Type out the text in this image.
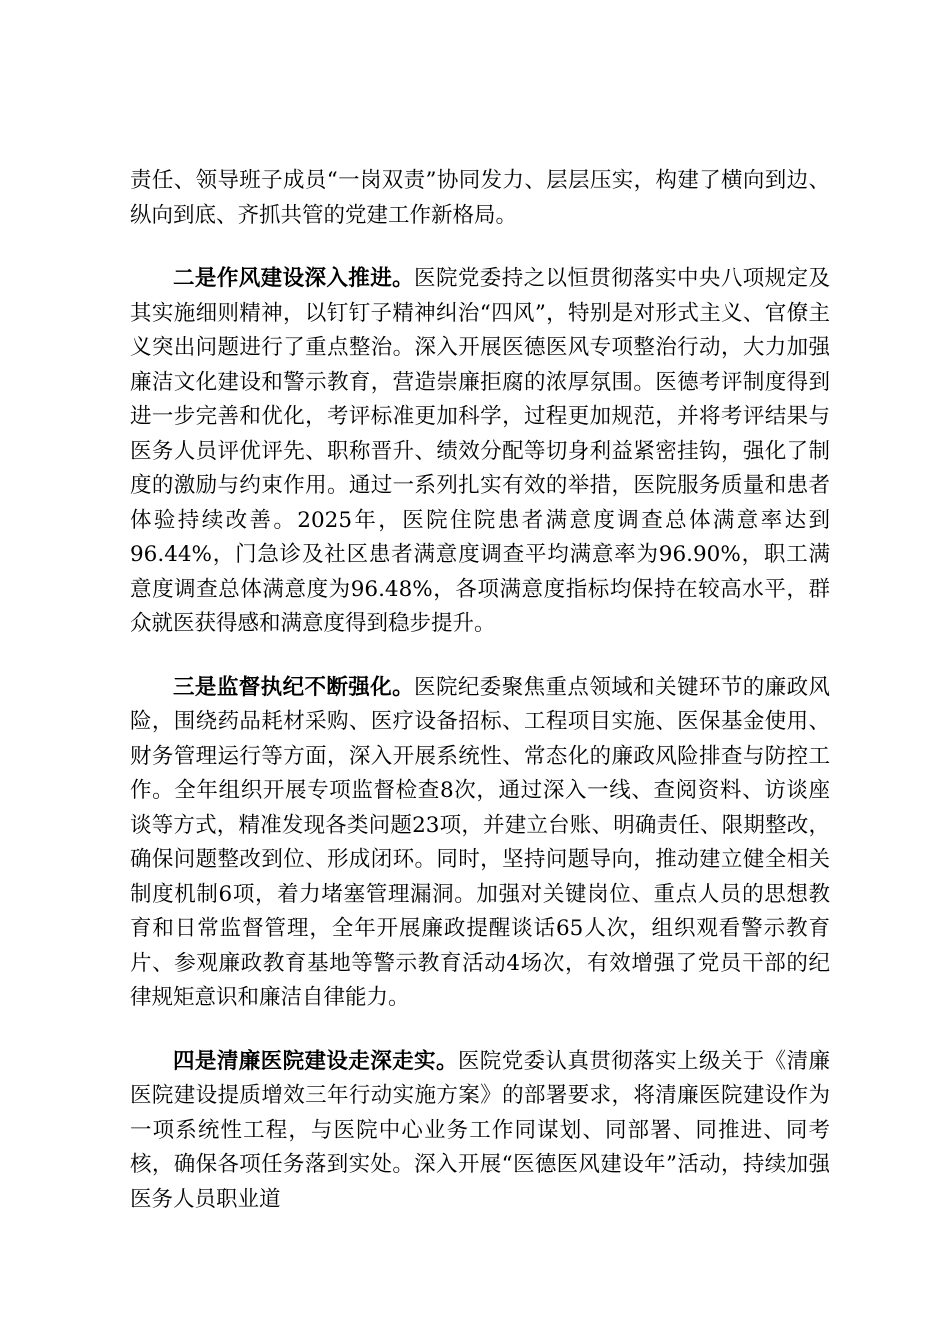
责任、领导班子成员“一岗双责”协同发力、层层压实，构建了横向到边、纵向到底、齐抓共管的党建工作新格局。

二是作风建设深入推进。医院党委持之以恒贯彻落实中央八项规定及其实施细则精神，以钉钉子精神纠治“四风”，特别是对形式主义、官僚主义突出问题进行了重点整治。深入开展医德医风专项整治行动，大力加强廉洁文化建设和警示教育，营造崇廉拒腐的浓厚氛围。医德考评制度得到进一步完善和优化，考评标准更加科学，过程更加规范，并将考评结果与医务人员评优评先、职称晋升、绩效分配等切身利益紧密挂钩，强化了制度的激励与约束作用。通过一系列扎实有效的举措，医院服务质量和患者体验持续改善。2025年，医院住院患者满意度调查总体满意率达到96.44%，门急诊及社区患者满意度调查平均满意率为96.90%，职工满意度调查总体满意度为96.48%，各项满意度指标均保持在较高水平，群众就医获得感和满意度得到稳步提升。

三是监督执纪不断强化。医院纪委聚焦重点领域和关键环节的廉政风险，围绕药品耗材采购、医疗设备招标、工程项目实施、医保基金使用、财务管理运行等方面，深入开展系统性、常态化的廉政风险排查与防控工作。全年组织开展专项监督检查8次，通过深入一线、查阅资料、访谈座谈等方式，精准发现各类问题23项，并建立台账、明确责任、限期整改，确保问题整改到位、形成闭环。同时，坚持问题导向，推动建立健全相关制度机制6项，着力堵塞管理漏洞。加强对关键岗位、重点人员的思想教育和日常监督管理，全年开展廉政提醒谈话65人次，组织观看警示教育片、参观廉政教育基地等警示教育活动4场次，有效增强了党员干部的纪律规矩意识和廉洁自律能力。

四是清廉医院建设走深走实。医院党委认真贯彻落实上级关于《清廉医院建设提质增效三年行动实施方案》的部署要求，将清廉医院建设作为一项系统性工程，与医院中心业务工作同谋划、同部署、同推进、同考核，确保各项任务落到实处。深入开展“医德医风建设年”活动，持续加强医务人员职业道
